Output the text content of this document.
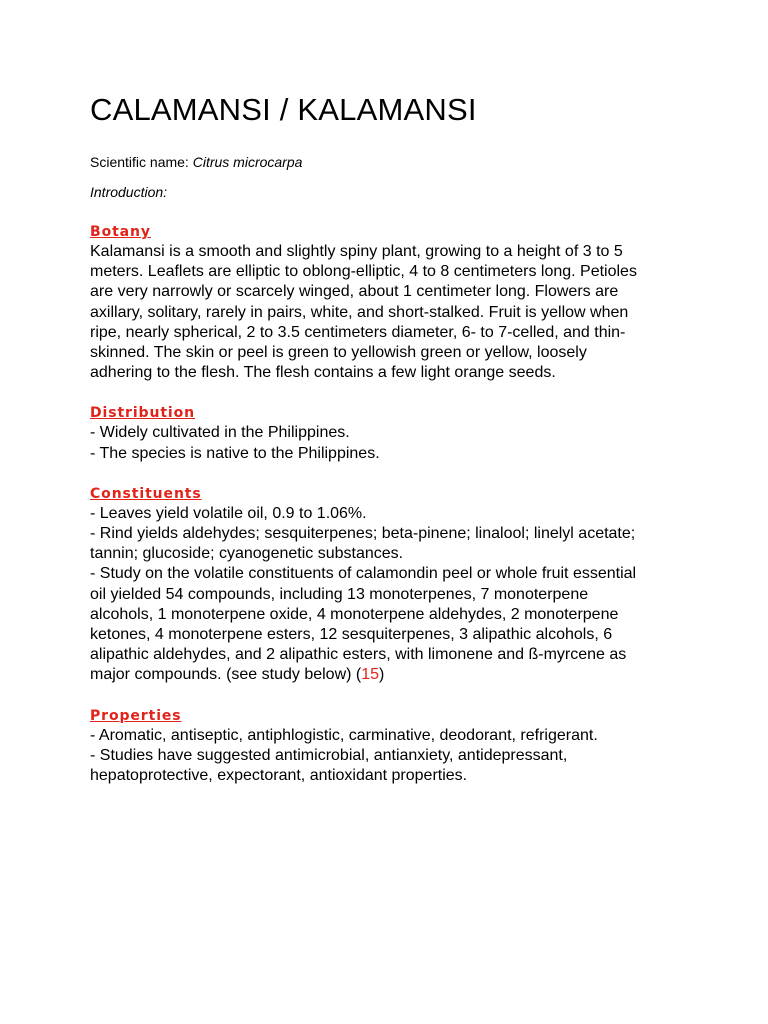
CALAMANSI / KALAMANSI
Scientific name: Citrus microcarpa
Introduction:
Botany

Kalamansi is a smooth and slightly spiny plant, growing to a height of 3 to 5
meters. Leaflets are elliptic to oblong-elliptic, 4 to 8 centimeters long. Petioles
are very narrowly or scarcely winged, about 1 centimeter long. Flowers are
axillary, solitary, rarely in pairs, white, and short-stalked. Fruit is yellow when
ripe, nearly spherical, 2 to 3.5 centimeters diameter, 6- to 7-celled, and thin-
skinned. The skin or peel is green to yellowish green or yellow, loosely
adhering to the flesh. The flesh contains a few light orange seeds.

Distribution

- Widely cultivated in the Philippines.
- The species is native to the Philippines.

Constituents

- Leaves yield volatile oil, 0.9 to 1.06%.
- Rind yields aldehydes; sesquiterpenes; beta-pinene; linalool; linelyl acetate;
tannin; glucoside; cyanogenetic substances.
- Study on the volatile constituents of calamondin peel or whole fruit essential
oil yielded 54 compounds, including 13 monoterpenes, 7 monoterpene
alcohols, 1 monoterpene oxide, 4 monoterpene aldehydes, 2 monoterpene
ketones, 4 monoterpene esters, 12 sesquiterpenes, 3 alipathic alcohols, 6
alipathic aldehydes, and 2 alipathic esters, with limonene and ß-myrcene as
major compounds. (see study below) (15)

Properties

- Aromatic, antiseptic, antiphlogistic, carminative, deodorant, refrigerant.
- Studies have suggested antimicrobial, antianxiety, antidepressant,
hepatoprotective, expectorant, antioxidant properties.
